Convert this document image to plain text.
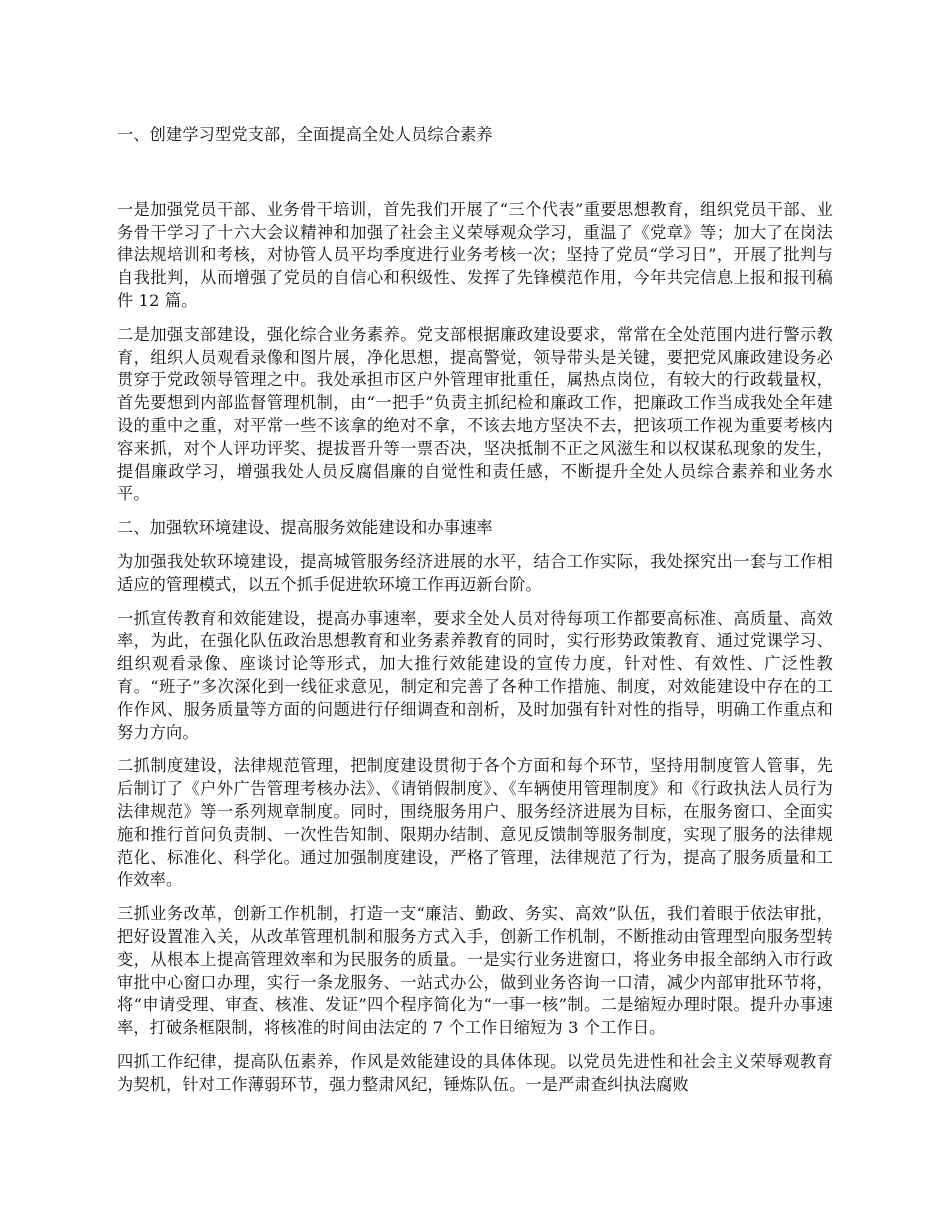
一、创建学习型党支部，全面提高全处人员综合素养

一是加强党员干部、业务骨干培训，首先我们开展了“三个代表”重要思想教育，组织党员干部、业务骨干学习了十六大会议精神和加强了社会主义荣辱观众学习，重温了《党章》等；加大了在岗法律法规培训和考核，对协管人员平均季度进行业务考核一次；坚持了党员“学习日”，开展了批判与自我批判，从而增强了党员的自信心和积级性、发挥了先锋模范作用，今年共完信息上报和报刊稿件 12 篇。

二是加强支部建设，强化综合业务素养。党支部根据廉政建设要求，常常在全处范围内进行警示教育，组织人员观看录像和图片展，净化思想，提高警觉，领导带头是关键，要把党风廉政建设务必贯穿于党政领导管理之中。我处承担市区户外管理审批重任，属热点岗位，有较大的行政载量权，首先要想到内部监督管理机制，由“一把手”负责主抓纪检和廉政工作，把廉政工作当成我处全年建设的重中之重，对平常一些不该拿的绝对不拿，不该去地方坚决不去，把该项工作视为重要考核内容来抓，对个人评功评奖、提拔晋升等一票否决，坚决抵制不正之风滋生和以权谋私现象的发生，提倡廉政学习，增强我处人员反腐倡廉的自觉性和责任感，不断提升全处人员综合素养和业务水平。

二、加强软环境建设、提高服务效能建设和办事速率

为加强我处软环境建设，提高城管服务经济进展的水平，结合工作实际，我处探究出一套与工作相适应的管理模式，以五个抓手促进软环境工作再迈新台阶。

一抓宣传教育和效能建设，提高办事速率，要求全处人员对待每项工作都要高标准、高质量、高效率，为此，在强化队伍政治思想教育和业务素养教育的同时，实行形势政策教育、通过党课学习、组织观看录像、座谈讨论等形式，加大推行效能建设的宣传力度，针对性、有效性、广泛性教育。“班子”多次深化到一线征求意见，制定和完善了各种工作措施、制度，对效能建设中存在的工作作风、服务质量等方面的问题进行仔细调查和剖析，及时加强有针对性的指导，明确工作重点和努力方向。

二抓制度建设，法律规范管理，把制度建设贯彻于各个方面和每个环节，坚持用制度管人管事，先后制订了《户外广告管理考核办法》、《请销假制度》、《车辆使用管理制度》和《行政执法人员行为法律规范》等一系列规章制度。同时，围绕服务用户、服务经济进展为目标，在服务窗口、全面实施和推行首问负责制、一次性告知制、限期办结制、意见反馈制等服务制度，实现了服务的法律规范化、标准化、科学化。通过加强制度建设，严格了管理，法律规范了行为，提高了服务质量和工作效率。

三抓业务改革，创新工作机制，打造一支“廉洁、勤政、务实、高效”队伍，我们着眼于依法审批，把好设置准入关，从改革管理机制和服务方式入手，创新工作机制，不断推动由管理型向服务型转变，从根本上提高管理效率和为民服务的质量。一是实行业务进窗口，将业务申报全部纳入市行政审批中心窗口办理，实行一条龙服务、一站式办公，做到业务咨询一口清，减少内部审批环节将，将“申请受理、审查、核准、发证”四个程序简化为“一事一核”制。二是缩短办理时限。提升办事速率，打破条框限制，将核准的时间由法定的 7 个工作日缩短为 3 个工作日。

四抓工作纪律，提高队伍素养，作风是效能建设的具体体现。以党员先进性和社会主义荣辱观教育为契机，针对工作薄弱环节，强力整肃风纪，锤炼队伍。一是严肃查纠执法腐败
